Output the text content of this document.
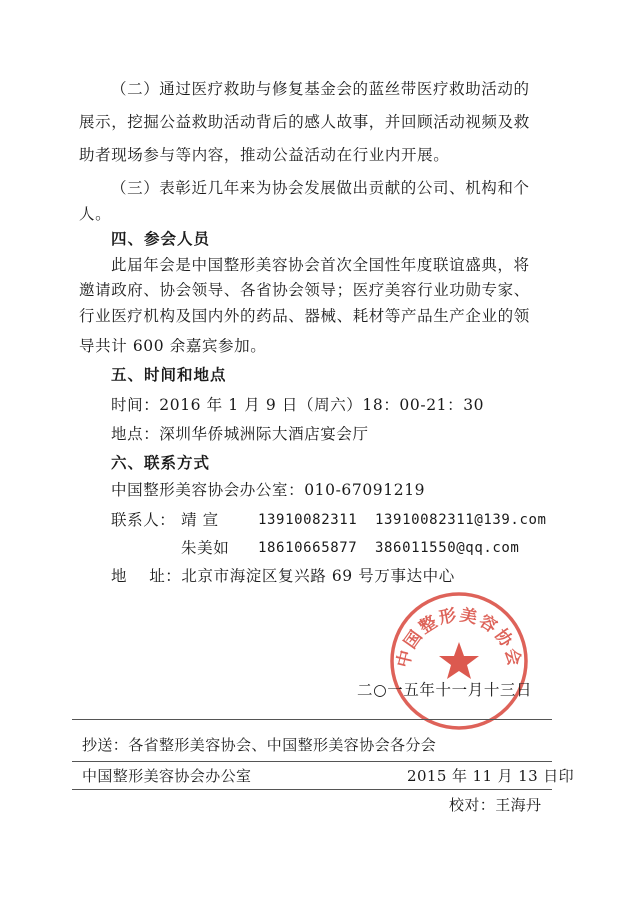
（二）通过医疗救助与修复基金会的蓝丝带医疗救助活动的
展示，挖掘公益救助活动背后的感人故事，并回顾活动视频及救
助者现场参与等内容，推动公益活动在行业内开展。
（三）表彰近几年来为协会发展做出贡献的公司、机构和个
人。
四、参会人员
此届年会是中国整形美容协会首次全国性年度联谊盛典，将
邀请政府、协会领导、各省协会领导；医疗美容行业功勋专家、
行业医疗机构及国内外的药品、器械、耗材等产品生产企业的领
导共计 600 余嘉宾参加。
五、时间和地点
时间：2016 年 1 月 9 日（周六）18：00-21：30
地点：深圳华侨城洲际大酒店宴会厅
六、联系方式
中国整形美容协会办公室：010-67091219
联系人： 靖 宣	13910082311 13910082311@139.com
朱美如 18610665877 386011550@qq.com
地    址：北京市海淀区复兴路 69 号万事达中心
中国整形美容协会
二○一五年十一月十三日
抄送：各省整形美容协会、中国整形美容协会各分会
中国整形美容协会办公室	2015 年 11 月 13 日印
校对：王海丹
